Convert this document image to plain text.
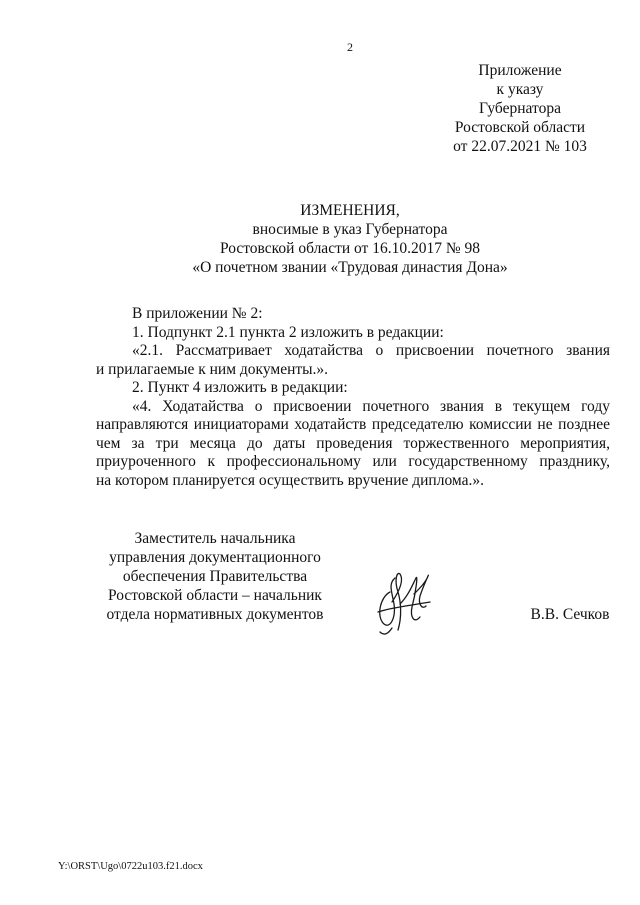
2
Приложение
к указу
Губернатора
Ростовской области
от 22.07.2021 № 103
ИЗМЕНЕНИЯ,
вносимые в указ Губернатора
Ростовской области от 16.10.2017 № 98
«О почетном звании «Трудовая династия Дона»
В приложении № 2:
1. Подпункт 2.1 пункта 2 изложить в редакции:
«2.1. Рассматривает ходатайства о присвоении почетного звания
и прилагаемые к ним документы.».
2. Пункт 4 изложить в редакции:
«4. Ходатайства о присвоении почетного звания в текущем году
направляются инициаторами ходатайств председателю комиссии не позднее
чем за три месяца до даты проведения торжественного мероприятия,
приуроченного к профессиональному или государственному празднику,
на котором планируется осуществить вручение диплома.».
Заместитель начальника
управления документационного
обеспечения Правительства
Ростовской области – начальник
отдела нормативных документов	В.В. Сечков
Y:\ORST\Ugo\0722u103.f21.docx
